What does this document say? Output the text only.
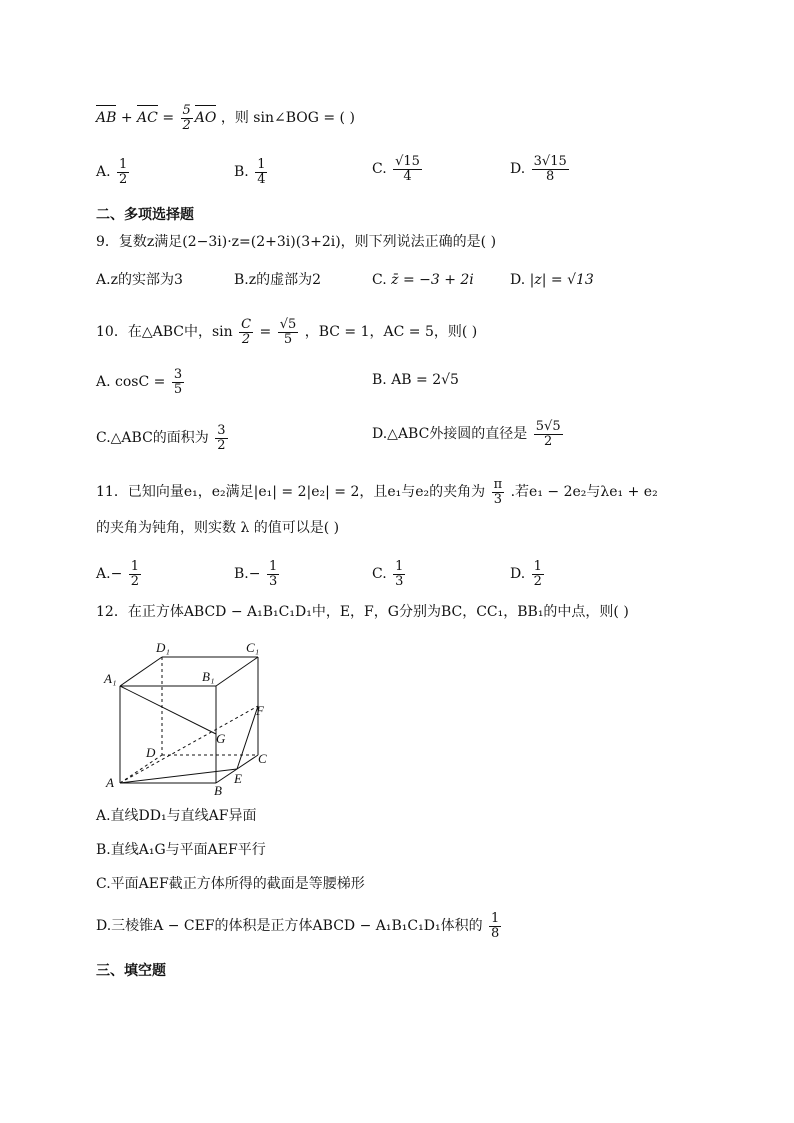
AB + AC = $\frac{5}{2}$ AO ，则 sin∠BOG = ( )
A. $\frac{1}{2}$	B. $\frac{1}{4}$	C. $\frac{√15}{4}$	D. $\frac{3√15}{8}$
二、多项选择题
9．复数z满足(2−3i)·z=(2+3i)(3+2i)，则下列说法正确的是( )
A.z的实部为3	B.z的虚部为2	C. z̄ = −3 + 2i	D. |z| = √13
10．在△ABC中，$\sin \frac{C}{2} = \frac{√5}{5}$ ，BC = 1，AC = 5，则( )
A. $\cos C = \frac{3}{5}$	B. AB = 2√5
C.△ABC的面积为 $\frac{3}{2}$	D.△ABC外接圆的直径是 $\frac{5√5}{2}$
11．已知向量e₁，e₂满足|e₁| = 2|e₂| = 2，且e₁与e₂的夹角为 $\frac{\pi}{3}$ .若e₁ − 2e₂与λe₁ + e₂
的夹角为钝角，则实数 λ 的值可以是( )
$A.- \frac{1}{2}$	$B.- \frac{1}{3}$	C. $\frac{1}{3}$	D. $\frac{1}{2}$
12．在正方体ABCD − A₁B₁C₁D₁中，E，F，G分别为BC，CC₁，BB₁的中点，则( )
D₁	C₁
A₁	B₁
F
G
D	C
E
A
B
A.直线DD₁与直线AF异面
B.直线A₁G与平面AEF平行
C.平面AEF截正方体所得的截面是等腰梯形
D.三棱锥A − CEF的体积是正方体ABCD − A₁B₁C₁D₁体积的 $\frac{1}{8}$
三、填空题
